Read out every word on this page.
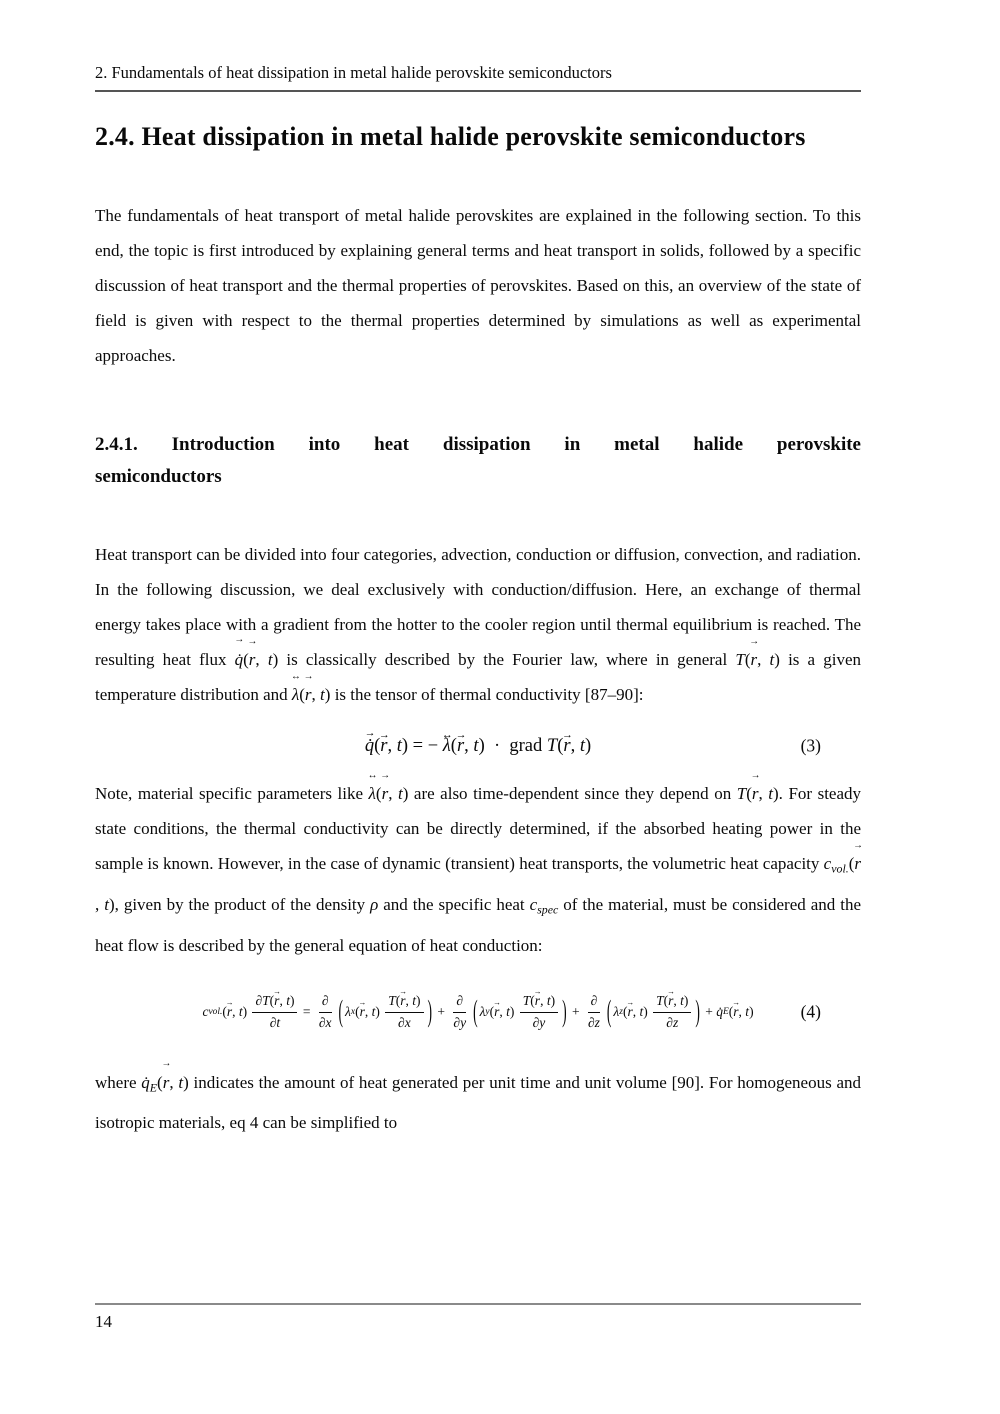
2. Fundamentals of heat dissipation in metal halide perovskite semiconductors
2.4. Heat dissipation in metal halide perovskite semiconductors

The fundamentals of heat transport of metal halide perovskites are explained in the following section. To this end, the topic is first introduced by explaining general terms and heat transport in solids, followed by a specific discussion of heat transport and the thermal properties of perovskites. Based on this, an overview of the state of field is given with respect to the thermal properties determined by simulations as well as experimental approaches.

2.4.1. Introduction into heat dissipation in metal halide perovskite
semiconductors

Heat transport can be divided into four categories, advection, conduction or diffusion, convection, and radiation. In the following discussion, we deal exclusively with conduction/diffusion. Here, an exchange of thermal energy takes place with a gradient from the hotter to the cooler region until thermal equilibrium is reached. The resulting heat flux
→
q̇(
→
r, t) is classically described by the Fourier law, where in general T(
→
r, t) is a given temperature distribution and
↔
λ(
→
r, t) is the tensor of thermal conductivity [87–90]:

→
q̇ (
→
r , t ) = −
↔
λ (
→
r , t )  ·  grad T (
→
r , t )	(3)

Note, material specific parameters like
↔
λ(
→
r, t) are also time-dependent since they depend on T(
→
r, t). For steady state conditions, the thermal conductivity can be directly determined, if the absorbed heating power in the sample is known. However, in the case of dynamic (transient) heat transports, the volumetric heat capacity $c_{vol.}$(
→
r, t), given by the product of the density ρ and the specific heat $c_{spec}$ of the material, must be considered and the heat flow is described by the general equation of heat conduction:

c vol. (
→
r , t ) ∂T(
→
r, t)
$\partial t = \frac{\partial}{\partial x}$ ( λ x (
→
r , t ) T(
→
r, t)
∂x ) + $\frac{\partial}{\partial y}$ ( λ y (
→
r , t ) T(
→
r, t)
∂y ) + $\frac{\partial}{\partial z}$ ( λ z (
→
r , t ) T(
→
r, t)
∂z ) + q̇ E (
→
r , t )	(4)

where $q̇_E$(
→
r, t) indicates the amount of heat generated per unit time and unit volume [90]. For homogeneous and isotropic materials, eq 4 can be simplified to

14
